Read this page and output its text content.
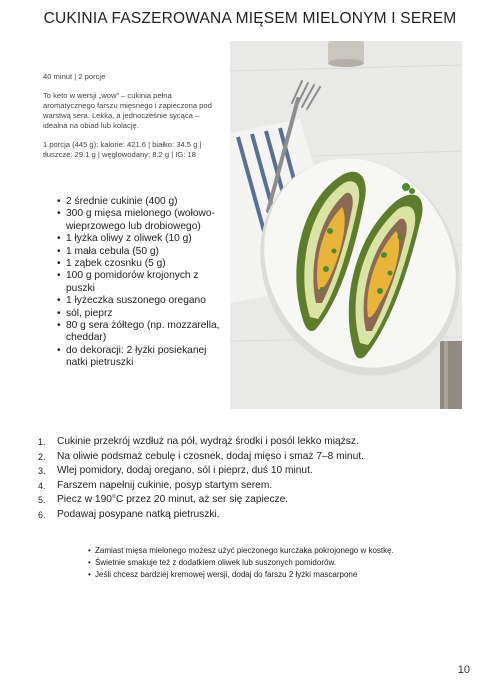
CUKINIA FASZEROWANA MIĘSEM MIELONYM I SEREM

40 minut | 2 porcje

To keto w wersji „wow” – cukinia pełna aromatycznego farszu mięsnego i zapieczona pod warstwą sera. Lekka, a jednocześnie sycąca – idealna na obiad lub kolację.

1 porcja (445 g): kalorie: 421.6 | białko: 34.5 g | tłuszcze: 29.1 g | węglowodany: 8.2 g | IG: 18

• 2 średnie cukinie (400 g)
• 300 g mięsa mielonego (wołowo-wieprzowego lub drobiowego)
• 1 łyżka oliwy z oliwek (10 g)
• 1 mała cebula (50 g)
• 1 ząbek czosnku (5 g)
• 100 g pomidorów krojonych z puszki
• 1 łyżeczka suszonego oregano
• sól, pieprz
• 80 g sera żółtego (np. mozzarella, cheddar)
• do dekoracji: 2 łyżki posiekanej natki pietruszki
1. Cukinie przekrój wzdłuż na pół, wydrąż środki i posól lekko miąższ.
2. Na oliwie podsmaż cebulę i czosnek, dodaj mięso i smaż 7–8 minut.
3. Wlej pomidory, dodaj oregano, sól i pieprz, duś 10 minut.
4. Farszem napełnij cukinie, posyp startym serem.
5. Piecz w 190°C przez 20 minut, aż ser się zapiecze.
6. Podawaj posypane natką pietruszki.
• Zamiast mięsa mielonego możesz użyć pieczonego kurczaka pokrojonego w kostkę.
• Świetnie smakuje też z dodatkiem oliwek lub suszonych pomidorów.
• Jeśli chcesz bardziej kremowej wersji, dodaj do farszu 2 łyżki mascarpone
10
